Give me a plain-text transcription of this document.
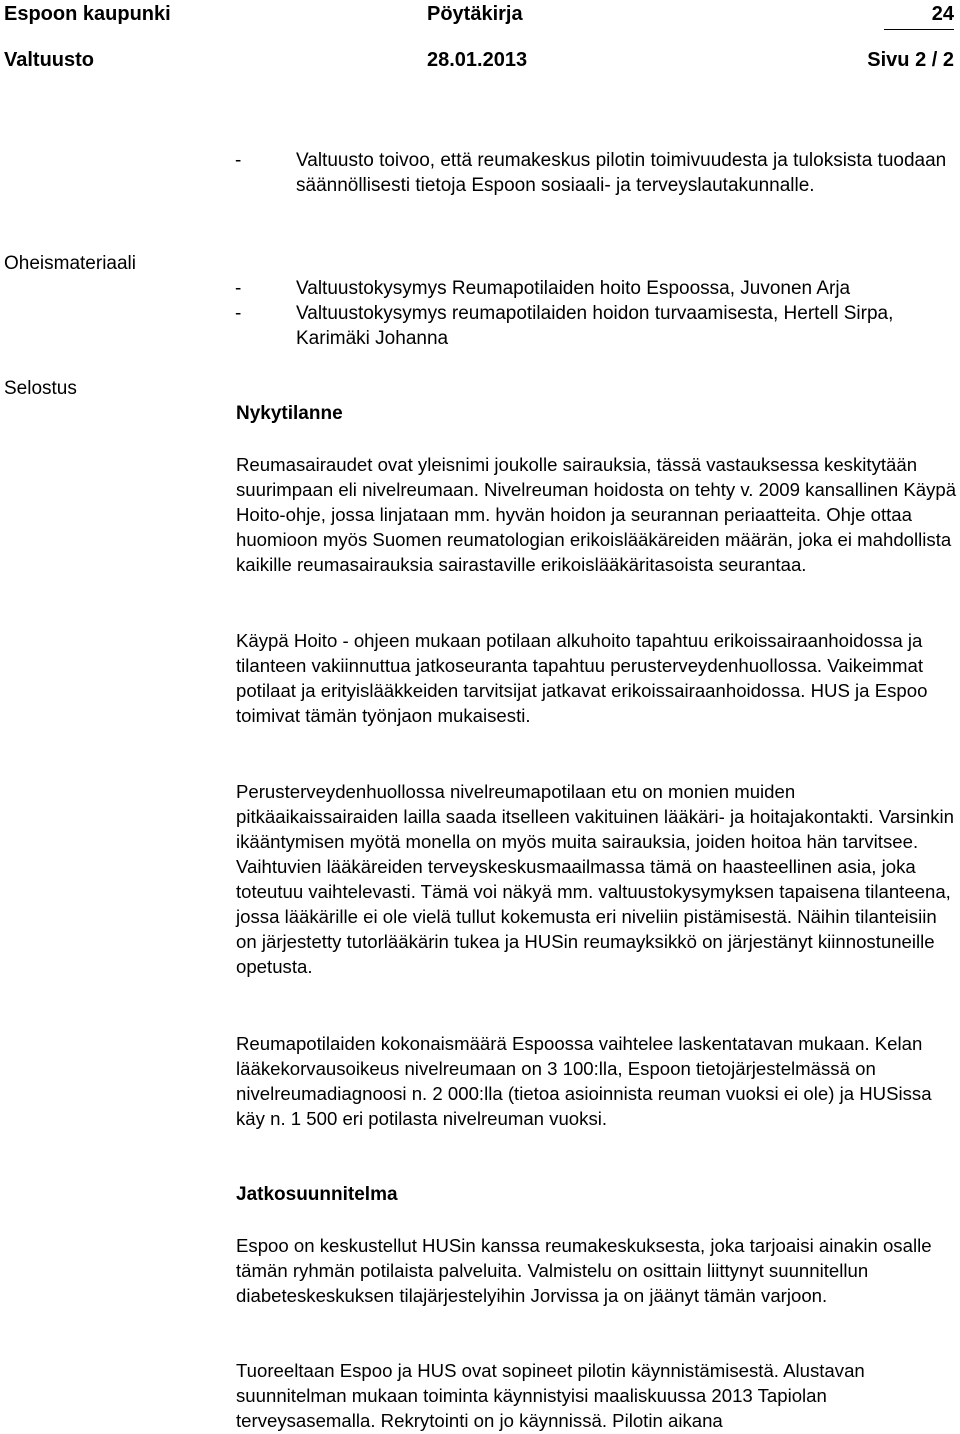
Espoon kaupunki	Pöytäkirja	24
Valtuusto	28.01.2013	Sivu 2 / 2
-	Valtuusto toivoo, että reumakeskus pilotin toimivuudesta ja tuloksista tuodaan säännöllisesti tietoja Espoon sosiaali- ja terveyslautakunnalle.
Oheismateriaali
-	Valtuustokysymys Reumapotilaiden hoito Espoossa, Juvonen Arja
-	Valtuustokysymys reumapotilaiden hoidon turvaamisesta, Hertell Sirpa, Karimäki Johanna
Selostus
Nykytilanne
Reumasairaudet ovat yleisnimi joukolle sairauksia, tässä vastauksessa keskitytään suurimpaan eli nivelreumaan. Nivelreuman hoidosta on tehty v. 2009 kansallinen Käypä Hoito-ohje, jossa linjataan mm. hyvän hoidon ja seurannan periaatteita. Ohje ottaa huomioon myös Suomen reumatologian erikoislääkäreiden määrän, joka ei mahdollista kaikille reumasairauksia sairastaville erikoislääkäritasoista seurantaa.
Käypä Hoito - ohjeen mukaan potilaan alkuhoito tapahtuu erikoissairaanhoidossa ja tilanteen vakiinnuttua jatkoseuranta tapahtuu perusterveydenhuollossa. Vaikeimmat potilaat ja erityislääkkeiden tarvitsijat jatkavat erikoissairaanhoidossa. HUS ja Espoo toimivat tämän työnjaon mukaisesti.
Perusterveydenhuollossa nivelreumapotilaan etu on monien muiden pitkäaikaissairaiden lailla saada itselleen vakituinen lääkäri- ja hoitajakontakti. Varsinkin ikääntymisen myötä monella on myös muita sairauksia, joiden hoitoa hän tarvitsee. Vaihtuvien lääkäreiden terveyskeskusmaailmassa tämä on haasteellinen asia, joka toteutuu vaihtelevasti. Tämä voi näkyä mm. valtuustokysymyksen tapaisena tilanteena, jossa lääkärille ei ole vielä tullut kokemusta eri niveliin pistämisestä. Näihin tilanteisiin on järjestetty tutorlääkärin tukea ja HUSin reumayksikkö on järjestänyt kiinnostuneille opetusta.
Reumapotilaiden kokonaismäärä Espoossa vaihtelee laskentatavan mukaan. Kelan lääkekorvausoikeus nivelreumaan on 3 100:lla, Espoon tietojärjestelmässä on nivelreumadiagnoosi n. 2 000:lla (tietoa asioinnista reuman vuoksi ei ole) ja HUSissa käy n. 1 500 eri potilasta nivelreuman vuoksi.
Jatkosuunnitelma
Espoo on keskustellut HUSin kanssa reumakeskuksesta, joka tarjoaisi ainakin osalle tämän ryhmän potilaista palveluita. Valmistelu on osittain liittynyt suunnitellun diabeteskeskuksen tilajärjestelyihin Jorvissa ja on jäänyt tämän varjoon.
Tuoreeltaan Espoo ja HUS ovat sopineet pilotin käynnistämisestä. Alustavan suunnitelman mukaan toiminta käynnistyisi maaliskuussa 2013 Tapiolan terveysasemalla. Rekrytointi on jo käynnissä. Pilotin aikana
